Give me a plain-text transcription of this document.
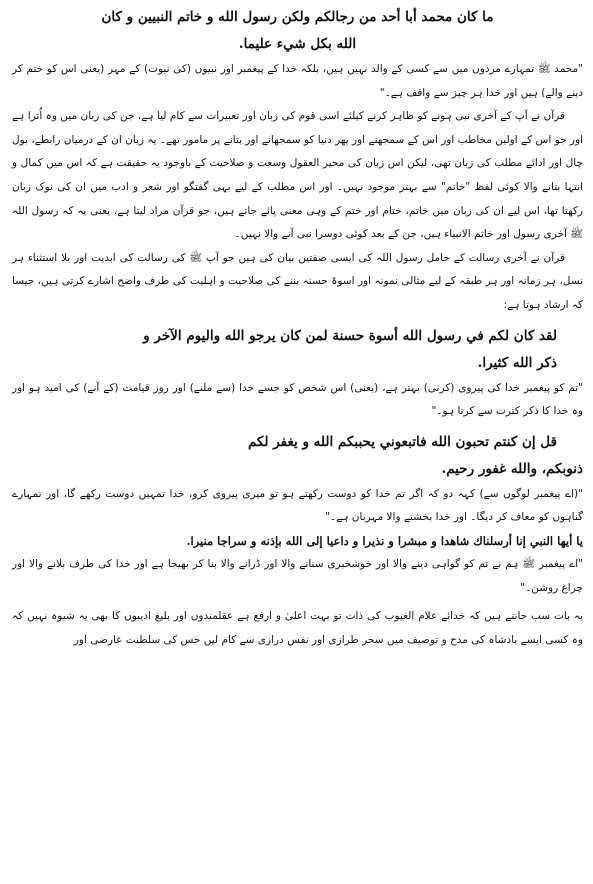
ما كان محمد أبا أحد من رجالكم ولكن رسول الله و خاتم النبيين و كان

الله بكل شيء عليما.

"محمد ﷺ تمہارے مردوں میں سے کسی کے والد نہیں ہیں، بلکہ خدا کے پیغمبر اور نبیوں (کی نبوت) کے مہر (یعنی اس کو ختم کر دینے والے) ہیں اور خدا ہر چیز سے واقف ہے۔"

قرآن نے آپ کے آخری نبی ہونے کو ظاہر کرنے کیلئے اسی قوم کی زبان اور تعبیرات سے کام لیا ہے، جن کی زبان میں وہ اُترا ہے اور جو اس کے اولین مخاطب اور اس کے سمجھنے اور پھر دنیا کو سمجھانے اور بتانے پر مامور تھے۔ یہ زبان ان کے درمیان رابطے، بول چال اور ادائے مطلب کی زبان تھی، لیکن اس زبان کی محیر العقول وسعت و صلاحیت کے باوجود یہ حقیقت ہے کہ اس میں کمال و انتہا بتانے والا کوئی لفظ "خاتم" سے بہتر موجود نہیں۔ اور اس مطلب کے لیے بہی گفتگو اور شعر و ادب میں ان کی نوک زبان رکھتا تھا، اس لیے ان کی زبان میں خاتم، ختام اور ختم کے وہی معنی پائے جاتے ہیں، جو قرآن مراد لیتا ہے، یعنی یہ کہ رسول اللہ ﷺ آخری رسول اور خاتم الانبیاء ہیں، جن کے بعد کوئی دوسرا نبی آنے والا نہیں۔

قرآن نے آخری رسالت کے حامل رسول اللہ کی ایسی صفتیں بیان کی ہیں جو آپ ﷺ کی رسالت کی ابدیت اور بلا استثناء ہر نسل، ہر زمانہ اور ہر طبقہ کے لیے مثالی نمونہ اور اسوۂ حسنہ بننے کی صلاحیت و اہلیت کی طرف واضح اشارے کرتی ہیں، جیسا کہ ارشاد ہوتا ہے:

لقد كان لكم في رسول الله أسوة حسنة لمن كان يرجو الله واليوم الآخر و

ذكر الله كثيرا.

"تم کو پیغمبر خدا کی پیروی (کرنی) بہتر ہے، (یعنی) اس شخص کو جسے خدا (سے ملنے) اور روز قیامت (کے آنے) کی امید ہو اور وہ خدا کا ذکر کثرت سے کرتا ہو۔"

قل إن كنتم تحبون الله فاتبعوني يحببكم الله و يغفر لكم

ذنوبكم، والله غفور رحيم.

"(اے پیغمبر لوگوں سے) کہہ دو کہ اگر تم خدا کو دوست رکھتے ہو تو میری پیروی کرو، خدا تمہیں دوست رکھے گا، اور تمہارے گناہوں کو معاف کر دیگا۔ اور خدا بخشنے والا مہربان ہے۔"

يا أيها النبي إنا أرسلناك شاهدا و مبشرا و نذيرا و داعيا إلى الله بإذنه و سراجا منيرا.

"اے پیغمبر ﷺ ہم نے تم کو گواہی دینے والا اور خوشخبری سنانے والا اور ڈرانے والا بنا کر بھیجا ہے اور خدا کی طرف بلانے والا اور چراغ روشن۔"

یہ بات سب جانتے ہیں کہ خدائے علام الغیوب کی ذات تو بہت اعلیٰ و ارفع ہے عقلمندوں اور بلیغ ادیبوں کا بھی یہ شیوہ نہیں کہ وہ کسی ایسے بادشاہ کی مدح و توصیف میں سحر طرازی اور نفس درازی سے کام لیں جس کی سلطنت عارضی اور
